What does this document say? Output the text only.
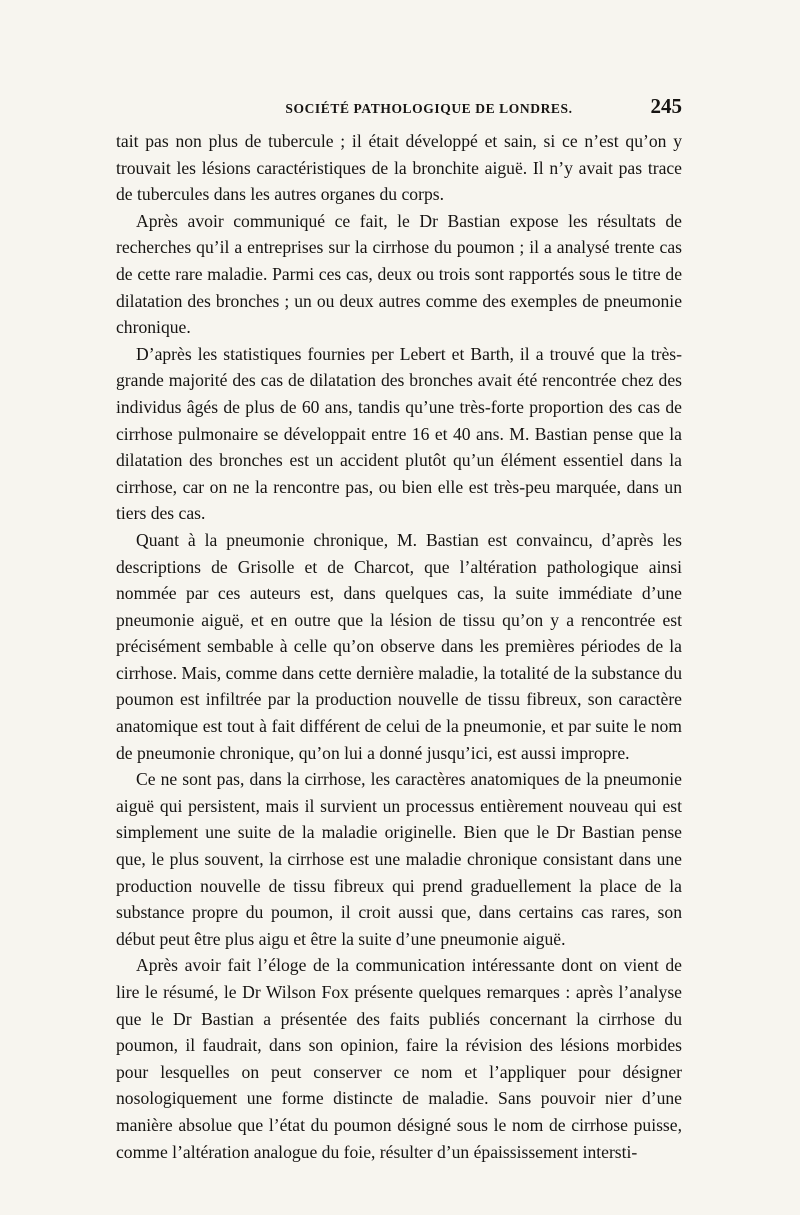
SOCIÉTÉ PATHOLOGIQUE DE LONDRES.	245

tait pas non plus de tubercule ; il était développé et sain, si ce n’est qu’on y trouvait les lésions caractéristiques de la bronchite aiguë. Il n’y avait pas trace de tubercules dans les autres organes du corps.

Après avoir communiqué ce fait, le Dr Bastian expose les résultats de recherches qu’il a entreprises sur la cirrhose du poumon ; il a analysé trente cas de cette rare maladie. Parmi ces cas, deux ou trois sont rapportés sous le titre de dilatation des bronches ; un ou deux autres comme des exemples de pneumonie chronique.

D’après les statistiques fournies per Lebert et Barth, il a trouvé que la très-grande majorité des cas de dilatation des bronches avait été rencontrée chez des individus âgés de plus de 60 ans, tandis qu’une très-forte proportion des cas de cirrhose pulmonaire se développait entre 16 et 40 ans. M. Bastian pense que la dilatation des bronches est un accident plutôt qu’un élément essentiel dans la cirrhose, car on ne la rencontre pas, ou bien elle est très-peu marquée, dans un tiers des cas.

Quant à la pneumonie chronique, M. Bastian est convaincu, d’après les descriptions de Grisolle et de Charcot, que l’altération pathologique ainsi nommée par ces auteurs est, dans quelques cas, la suite immédiate d’une pneumonie aiguë, et en outre que la lésion de tissu qu’on y a rencontrée est précisément sembable à celle qu’on observe dans les premières périodes de la cirrhose. Mais, comme dans cette dernière maladie, la totalité de la substance du poumon est infiltrée par la production nouvelle de tissu fibreux, son caractère anatomique est tout à fait différent de celui de la pneumonie, et par suite le nom de pneumonie chronique, qu’on lui a donné jusqu’ici, est aussi impropre.

Ce ne sont pas, dans la cirrhose, les caractères anatomiques de la pneumonie aiguë qui persistent, mais il survient un processus entièrement nouveau qui est simplement une suite de la maladie originelle. Bien que le Dr Bastian pense que, le plus souvent, la cirrhose est une maladie chronique consistant dans une production nouvelle de tissu fibreux qui prend graduellement la place de la substance propre du poumon, il croit aussi que, dans certains cas rares, son début peut être plus aigu et être la suite d’une pneumonie aiguë.

Après avoir fait l’éloge de la communication intéressante dont on vient de lire le résumé, le Dr Wilson Fox présente quelques remarques : après l’analyse que le Dr Bastian a présentée des faits publiés concernant la cirrhose du poumon, il faudrait, dans son opinion, faire la révision des lésions morbides pour lesquelles on peut conserver ce nom et l’appliquer pour désigner nosologiquement une forme distincte de maladie. Sans pouvoir nier d’une manière absolue que l’état du poumon désigné sous le nom de cirrhose puisse, comme l’altération analogue du foie, résulter d’un épaississement intersti-
